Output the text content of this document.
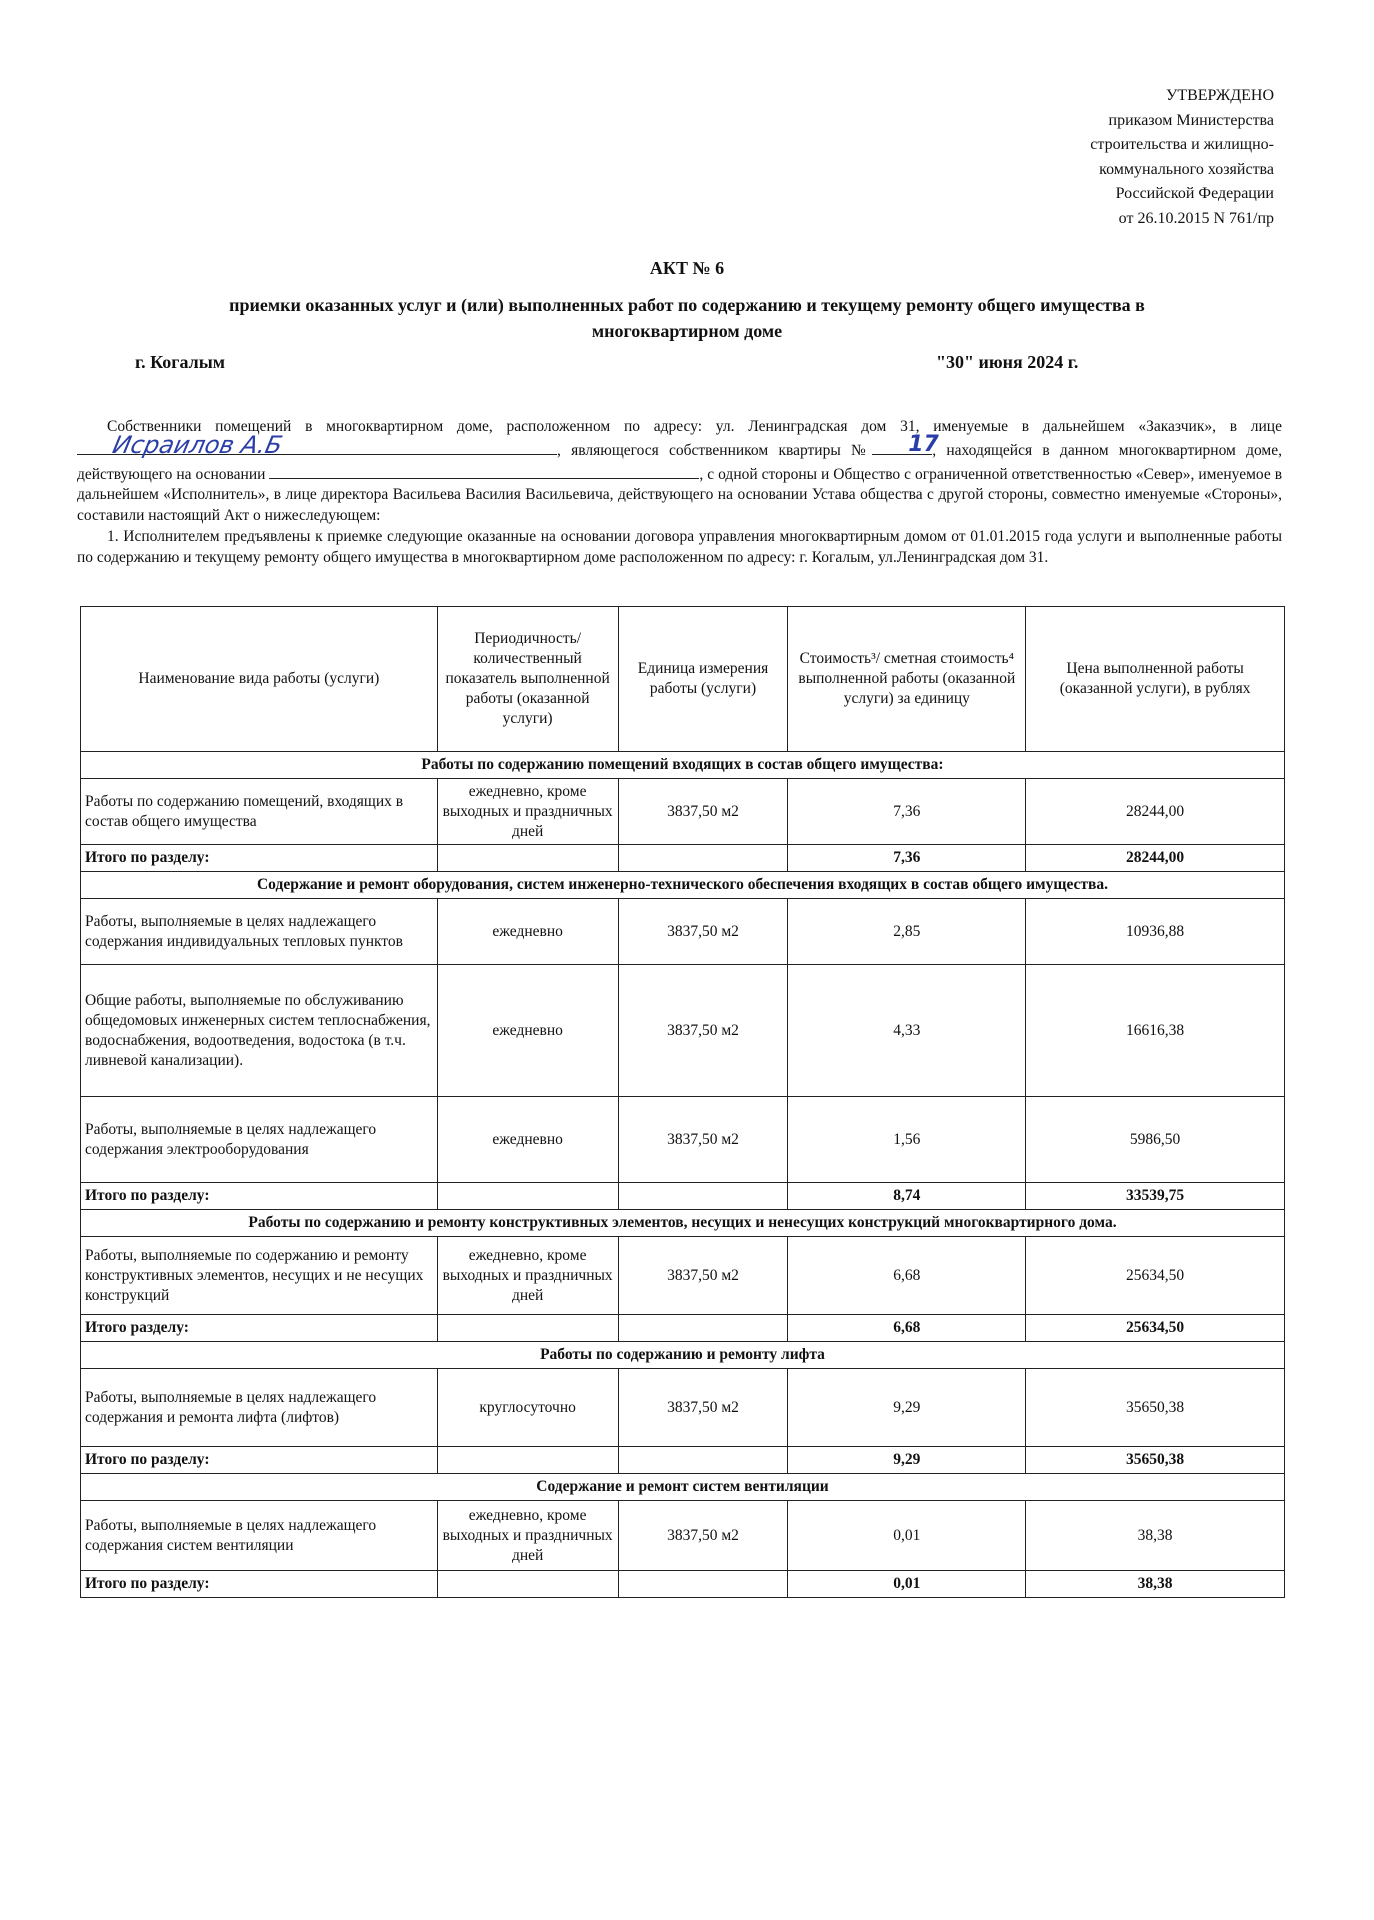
УТВЕРЖДЕНО
приказом Министерства
строительства и жилищно-
коммунального хозяйства
Российской Федерации
от 26.10.2015 N 761/пр
АКТ № 6
приемки оказанных услуг и (или) выполненных работ по содержанию и текущему ремонту общего имущества в многоквартирном доме
г. Когалым	"30" июня 2024 г.

Собственники помещений в многоквартирном доме, расположенном по адресу: ул. Ленинградская дом 31, именуемые в дальнейшем «Заказчик», в лице
Исраилов А.Б	, являющегося собственником квартиры №	17
, находящейся в данном многоквартирном доме, действующего на основании	, с одной стороны и Общество с ограниченной ответственностью «Север», именуемое в дальнейшем «Исполнитель», в лице директора Васильева Василия Васильевича, действующего на основании Устава общества с другой стороны, совместно именуемые «Стороны», составили настоящий Акт о нижеследующем:

1. Исполнителем предъявлены к приемке следующие оказанные на основании договора управления многоквартирным домом от 01.01.2015 года услуги и выполненные работы по содержанию и текущему ремонту общего имущества в многоквартирном доме расположенном по адресу: г. Когалым, ул.Ленинградская дом 31.

Наименование вида работы (услуги)	Периодичность/ количественный показатель выполненной работы (оказанной услуги)	Единица измерения работы (услуги)	Стоимость³/ сметная стоимость⁴ выполненной работы (оказанной услуги) за единицу	Цена выполненной работы (оказанной услуги), в рублях
Работы по содержанию помещений входящих в состав общего имущества:				
Работы по содержанию помещений, входящих в состав общего имущества	ежедневно, кроме выходных и праздничных дней	3837,50 м2	7,36	28244,00
Итого по разделу:			7,36	28244,00
Содержание и ремонт оборудования, систем инженерно-технического обеспечения входящих в состав общего имущества.				
Работы, выполняемые в целях надлежащего содержания индивидуальных тепловых пунктов	ежедневно	3837,50 м2	2,85	10936,88
Общие работы, выполняемые по обслуживанию общедомовых инженерных систем теплоснабжения, водоснабжения, водоотведения, водостока (в т.ч. ливневой канализации).	ежедневно	3837,50 м2	4,33	16616,38
Работы, выполняемые в целях надлежащего содержания электрооборудования	ежедневно	3837,50 м2	1,56	5986,50
Итого по разделу:			8,74	33539,75
Работы по содержанию и ремонту конструктивных элементов, несущих и ненесущих конструкций многоквартирного дома.				
Работы, выполняемые по содержанию и ремонту конструктивных элементов, несущих и не несущих конструкций	ежедневно, кроме выходных и праздничных дней	3837,50 м2	6,68	25634,50
Итого разделу:			6,68	25634,50
Работы по содержанию и ремонту лифта				
Работы, выполняемые в целях надлежащего содержания и ремонта лифта (лифтов)	круглосуточно	3837,50 м2	9,29	35650,38
Итого по разделу:			9,29	35650,38
Содержание и ремонт систем вентиляции				
Работы, выполняемые в целях надлежащего содержания систем вентиляции	ежедневно, кроме выходных и праздничных дней	3837,50 м2	0,01	38,38
Итого по разделу:			0,01	38,38
